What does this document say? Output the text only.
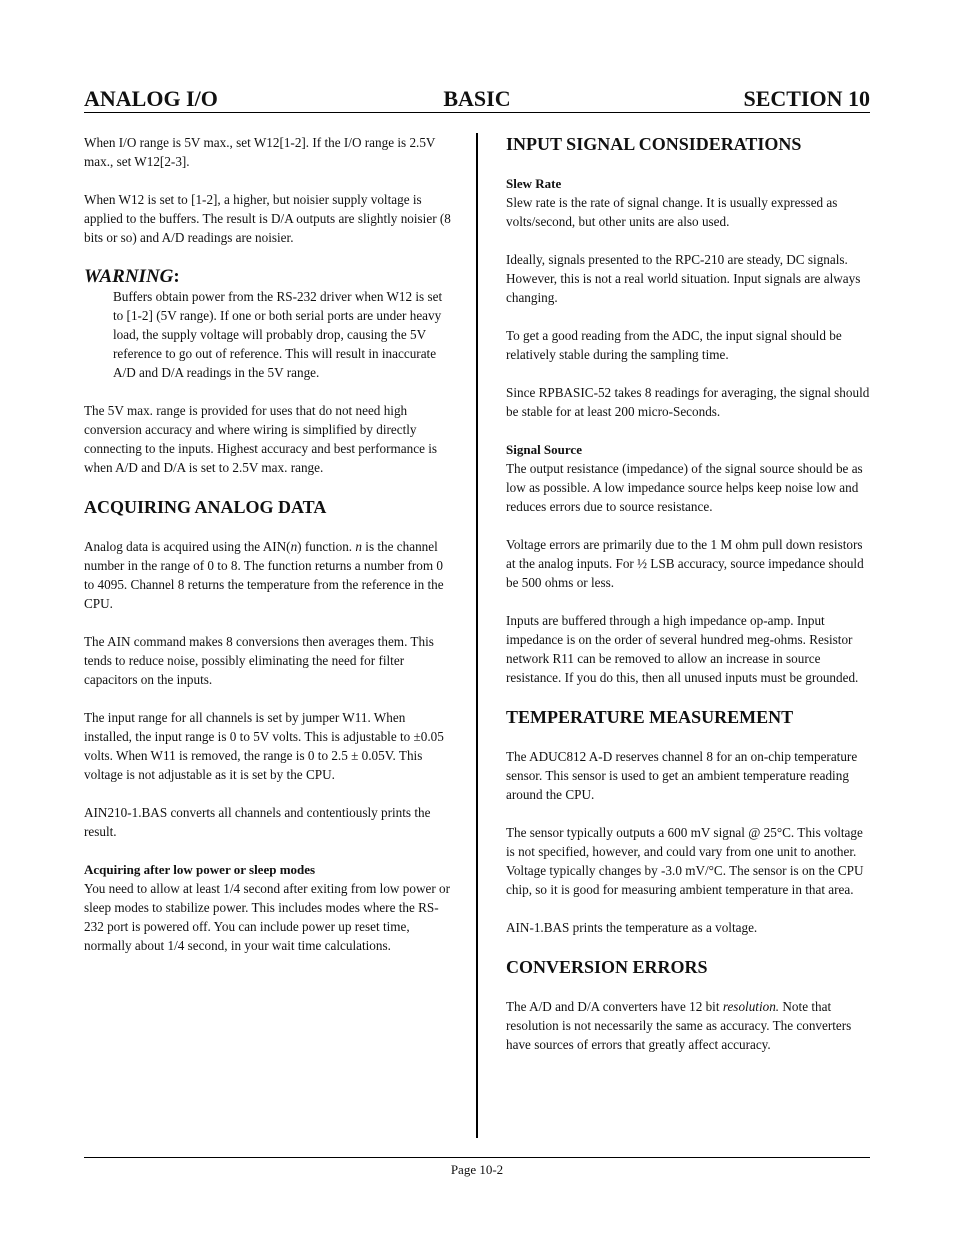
BASIC
ANALOG I/O	SECTION 10

When I/O range is 5V max., set W12[1-2]. If the I/O range is 2.5V max., set W12[2-3].

When W12 is set to [1-2], a higher, but noisier supply voltage is applied to the buffers. The result is D/A outputs are slightly noisier (8 bits or so) and A/D readings are noisier.

WARNING:

Buffers obtain power from the RS-232 driver when W12 is set to [1-2] (5V range). If one or both serial ports are under heavy load, the supply voltage will probably drop, causing the 5V reference to go out of reference. This will result in inaccurate A/D and D/A readings in the 5V range.

The 5V max. range is provided for uses that do not need high conversion accuracy and where wiring is simplified by directly connecting to the inputs. Highest accuracy and best performance is when A/D and D/A is set to 2.5V max. range.

ACQUIRING ANALOG DATA

Analog data is acquired using the AIN(n) function. n is the channel number in the range of 0 to 8. The function returns a number from 0 to 4095. Channel 8 returns the temperature from the reference in the CPU.

The AIN command makes 8 conversions then averages them. This tends to reduce noise, possibly eliminating the need for filter capacitors on the inputs.

The input range for all channels is set by jumper W11. When installed, the input range is 0 to 5V volts. This is adjustable to ±0.05 volts. When W11 is removed, the range is 0 to 2.5 ± 0.05V. This voltage is not adjustable as it is set by the CPU.

AIN210-1.BAS converts all channels and contentiously prints the result.

Acquiring after low power or sleep modes

You need to allow at least 1/4 second after exiting from low power or sleep modes to stabilize power. This includes modes where the RS-232 port is powered off. You can include power up reset time, normally about 1/4 second, in your wait time calculations.

INPUT SIGNAL CONSIDERATIONS
Slew Rate

Slew rate is the rate of signal change. It is usually expressed as volts/second, but other units are also used.

Ideally, signals presented to the RPC-210 are steady, DC signals. However, this is not a real world situation. Input signals are always changing.

To get a good reading from the ADC, the input signal should be relatively stable during the sampling time.

Since RPBASIC-52 takes 8 readings for averaging, the signal should be stable for at least 200 micro-Seconds.

Signal Source

The output resistance (impedance) of the signal source should be as low as possible. A low impedance source helps keep noise low and reduces errors due to source resistance.

Voltage errors are primarily due to the 1 M ohm pull down resistors at the analog inputs. For ½ LSB accuracy, source impedance should be 500 ohms or less.

Inputs are buffered through a high impedance op-amp. Input impedance is on the order of several hundred meg-ohms. Resistor network R11 can be removed to allow an increase in source resistance. If you do this, then all unused inputs must be grounded.

TEMPERATURE MEASUREMENT

The ADUC812 A-D reserves channel 8 for an on-chip temperature sensor. This sensor is used to get an ambient temperature reading around the CPU.

The sensor typically outputs a 600 mV signal @ 25°C. This voltage is not specified, however, and could vary from one unit to another. Voltage typically changes by -3.0 mV/°C. The sensor is on the CPU chip, so it is good for measuring ambient temperature in that area.

AIN-1.BAS prints the temperature as a voltage.

CONVERSION ERRORS

The A/D and D/A converters have 12 bit resolution. Note that resolution is not necessarily the same as accuracy. The converters have sources of errors that greatly affect accuracy.

Page 10-2
